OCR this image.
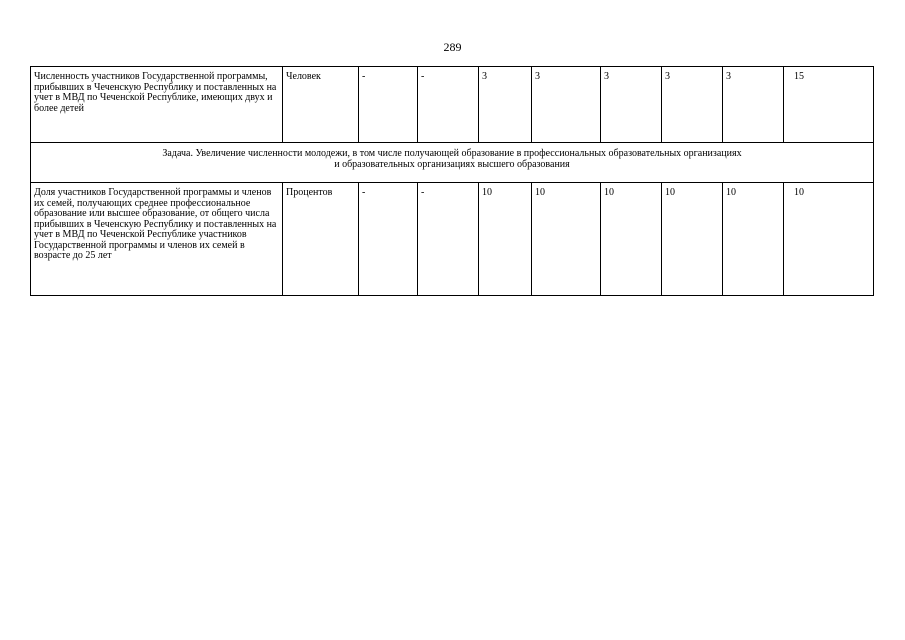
289
Численность участников Государственной программы, прибывших в Чеченскую Республику и поставленных на учет в МВД по Чеченской Республике, имеющих двух и более детей	Человек	-	-	3	3	3	3	3	15

Задача. Увеличение численности молодежи, в том числе получающей образование в профессиональных образовательных организациях
и образовательных организациях высшего образования									

Доля участников Государственной программы и членов их семей, получающих среднее профессиональное образование или высшее образование, от общего числа прибывших в Чеченскую Республику и поставленных на учет в МВД по Чеченской Республике участников Государственной программы и членов их семей в возрасте до 25 лет	Процентов	-	-	10	10	10	10	10	10
